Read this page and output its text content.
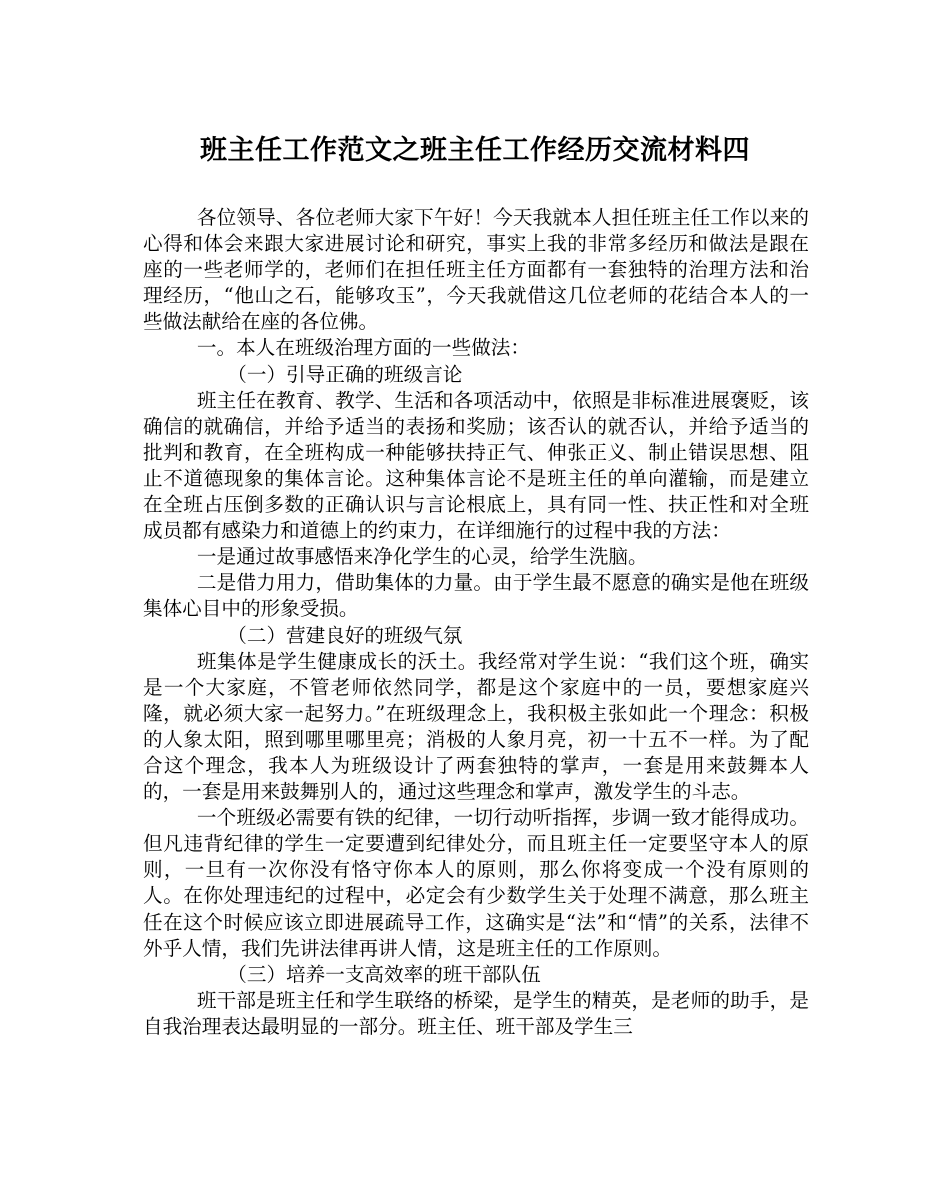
班主任工作范文之班主任工作经历交流材料四

各位领导、各位老师大家下午好！今天我就本人担任班主任工作以来的心得和体会来跟大家进展讨论和研究，事实上我的非常多经历和做法是跟在座的一些老师学的，老师们在担任班主任方面都有一套独特的治理方法和治理经历，“他山之石，能够攻玉”，今天我就借这几位老师的花结合本人的一些做法献给在座的各位佛。

一。本人在班级治理方面的一些做法：

（一）引导正确的班级言论

班主任在教育、教学、生活和各项活动中，依照是非标准进展褒贬，该确信的就确信，并给予适当的表扬和奖励；该否认的就否认，并给予适当的批判和教育，在全班构成一种能够扶持正气、伸张正义、制止错误思想、阻止不道德现象的集体言论。这种集体言论不是班主任的单向灌输，而是建立在全班占压倒多数的正确认识与言论根底上，具有同一性、扶正性和对全班成员都有感染力和道德上的约束力，在详细施行的过程中我的方法：

一是通过故事感悟来净化学生的心灵，给学生洗脑。

二是借力用力，借助集体的力量。由于学生最不愿意的确实是他在班级集体心目中的形象受损。

（二）营建良好的班级气氛

班集体是学生健康成长的沃土。我经常对学生说：“我们这个班，确实是一个大家庭，不管老师依然同学，都是这个家庭中的一员，要想家庭兴隆，就必须大家一起努力。”在班级理念上，我积极主张如此一个理念：积极的人象太阳，照到哪里哪里亮；消极的人象月亮，初一十五不一样。为了配合这个理念，我本人为班级设计了两套独特的掌声，一套是用来鼓舞本人的，一套是用来鼓舞别人的，通过这些理念和掌声，激发学生的斗志。

一个班级必需要有铁的纪律，一切行动听指挥，步调一致才能得成功。但凡违背纪律的学生一定要遭到纪律处分，而且班主任一定要坚守本人的原则，一旦有一次你没有恪守你本人的原则，那么你将变成一个没有原则的人。在你处理违纪的过程中，必定会有少数学生关于处理不满意，那么班主任在这个时候应该立即进展疏导工作，这确实是“法”和“情”的关系，法律不外乎人情，我们先讲法律再讲人情，这是班主任的工作原则。

（三）培养一支高效率的班干部队伍

班干部是班主任和学生联络的桥梁，是学生的精英，是老师的助手，是自我治理表达最明显的一部分。班主任、班干部及学生三
